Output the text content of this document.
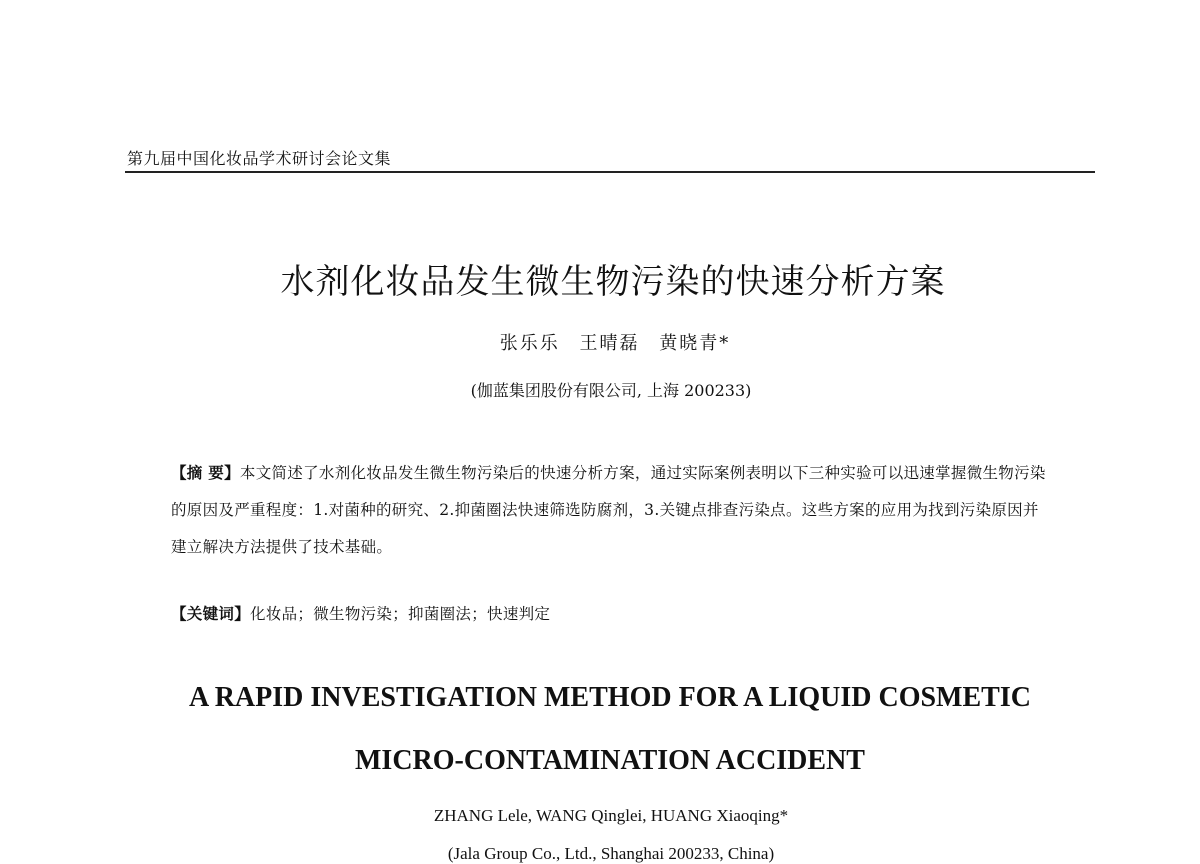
第九届中国化妆品学术研讨会论文集
水剂化妆品发生微生物污染的快速分析方案
张乐乐 王晴磊 黄晓青*
(伽蓝集团股份有限公司, 上海 200233)

【摘 要】本文简述了水剂化妆品发生微生物污染后的快速分析方案，通过实际案例表明以下三种实验可以迅速掌握微生物污染的原因及严重程度：1.对菌种的研究、2.抑菌圈法快速筛选防腐剂，3.关键点排查污染点。这些方案的应用为找到污染原因并建立解决方法提供了技术基础。

【关键词】化妆品；微生物污染；抑菌圈法；快速判定
A RAPID INVESTIGATION METHOD FOR A LIQUID COSMETIC
MICRO-CONTAMINATION ACCIDENT
ZHANG Lele, WANG Qinglei, HUANG Xiaoqing*
(Jala Group Co., Ltd., Shanghai 200233, China)
